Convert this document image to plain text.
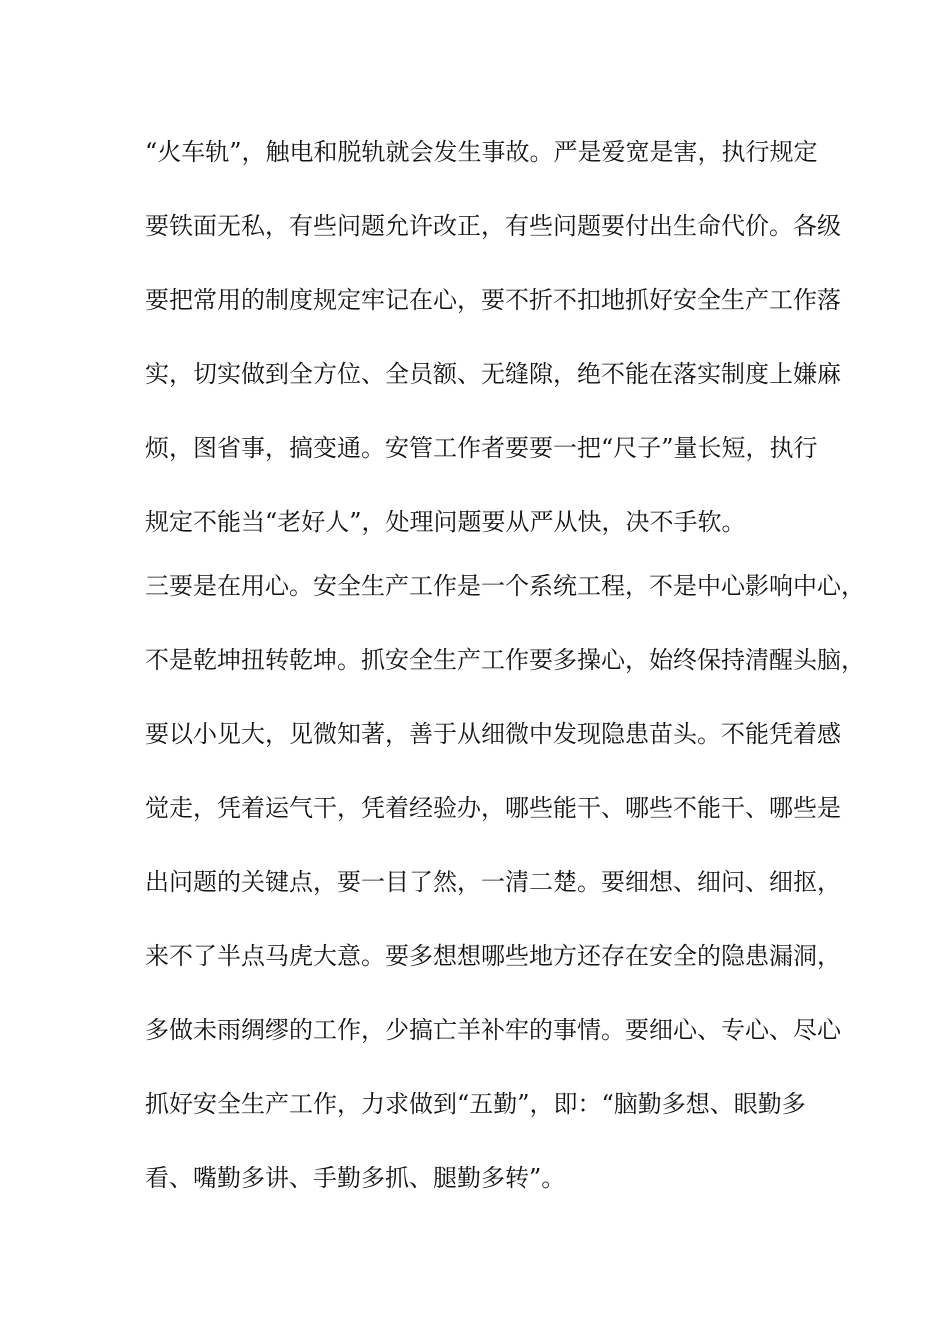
“火车轨”，触电和脱轨就会发生事故。严是爱宽是害，执行规定

要铁面无私，有些问题允许改正，有些问题要付出生命代价。各级

要把常用的制度规定牢记在心，要不折不扣地抓好安全生产工作落

实，切实做到全方位、全员额、无缝隙，绝不能在落实制度上嫌麻

烦，图省事，搞变通。安管工作者要要一把“尺子”量长短，执行

规定不能当“老好人”，处理问题要从严从快，决不手软。

三要是在用心。安全生产工作是一个系统工程，不是中心影响中心，

不是乾坤扭转乾坤。抓安全生产工作要多操心，始终保持清醒头脑，

要以小见大，见微知著，善于从细微中发现隐患苗头。不能凭着感

觉走，凭着运气干，凭着经验办，哪些能干、哪些不能干、哪些是

出问题的关键点，要一目了然，一清二楚。要细想、细问、细抠，

来不了半点马虎大意。要多想想哪些地方还存在安全的隐患漏洞，

多做未雨绸缪的工作，少搞亡羊补牢的事情。要细心、专心、尽心

抓好安全生产工作，力求做到“五勤”，即：“脑勤多想、眼勤多

看、嘴勤多讲、手勤多抓、腿勤多转”。
